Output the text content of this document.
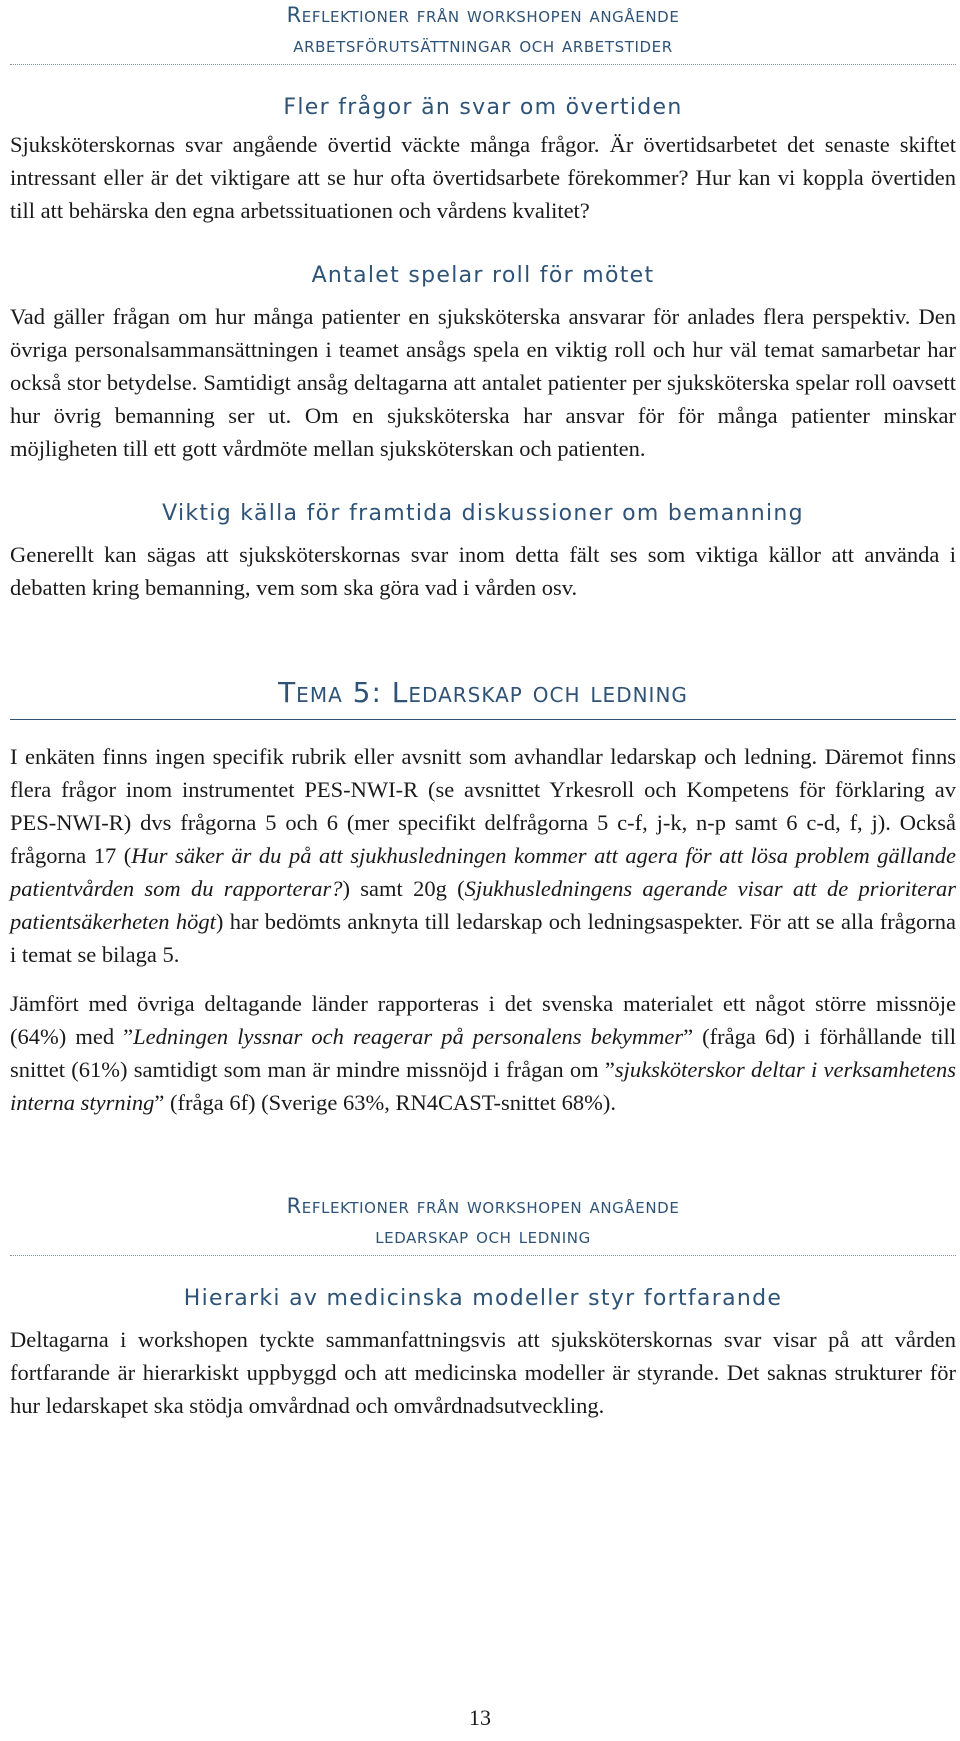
Reflektioner från workshopen angående
arbetsförutsättningar och arbetstider
Fler frågor än svar om övertiden

Sjuksköterskornas svar angående övertid väckte många frågor. Är övertidsarbetet det senaste skiftet intressant eller är det viktigare att se hur ofta övertidsarbete förekommer? Hur kan vi koppla övertiden till att behärska den egna arbetssituationen och vårdens kvalitet?

Antalet spelar roll för mötet

Vad gäller frågan om hur många patienter en sjuksköterska ansvarar för anlades flera perspektiv. Den övriga personalsammansättningen i teamet ansågs spela en viktig roll och hur väl temat samarbetar har också stor betydelse. Samtidigt ansåg deltagarna att antalet patienter per sjuksköterska spelar roll oavsett hur övrig bemanning ser ut. Om en sjuksköterska har ansvar för för många patienter minskar möjligheten till ett gott vårdmöte mellan sjuksköterskan och patienten.

Viktig källa för framtida diskussioner om bemanning

Generellt kan sägas att sjuksköterskornas svar inom detta fält ses som viktiga källor att använda i debatten kring bemanning, vem som ska göra vad i vården osv.

Tema 5: Ledarskap och ledning

I enkäten finns ingen specifik rubrik eller avsnitt som avhandlar ledarskap och ledning. Däremot finns flera frågor inom instrumentet PES-NWI-R (se avsnittet Yrkesroll och Kompetens för förklaring av PES-NWI-R) dvs frågorna 5 och 6 (mer specifikt delfrågorna 5 c-f, j-k, n-p samt 6 c-d, f, j). Också frågorna 17 (Hur säker är du på att sjukhusledningen kommer att agera för att lösa problem gällande patientvården som du rapporterar?) samt 20g (Sjukhusledningens agerande visar att de prioriterar patientsäkerheten högt) har bedömts anknyta till ledarskap och ledningsaspekter. För att se alla frågorna i temat se bilaga 5.

Jämfört med övriga deltagande länder rapporteras i det svenska materialet ett något större missnöje (64%) med ”Ledningen lyssnar och reagerar på personalens bekymmer” (fråga 6d) i förhållande till snittet (61%) samtidigt som man är mindre missnöjd i frågan om ”sjuksköterskor deltar i verksamhetens interna styrning” (fråga 6f) (Sverige 63%, RN4CAST-snittet 68%).

Reflektioner från workshopen angående
ledarskap och ledning
Hierarki av medicinska modeller styr fortfarande

Deltagarna i workshopen tyckte sammanfattningsvis att sjuksköterskornas svar visar på att vården fortfarande är hierarkiskt uppbyggd och att medicinska modeller är styrande. Det saknas strukturer för hur ledarskapet ska stödja omvårdnad och omvårdnadsutveckling.

13
